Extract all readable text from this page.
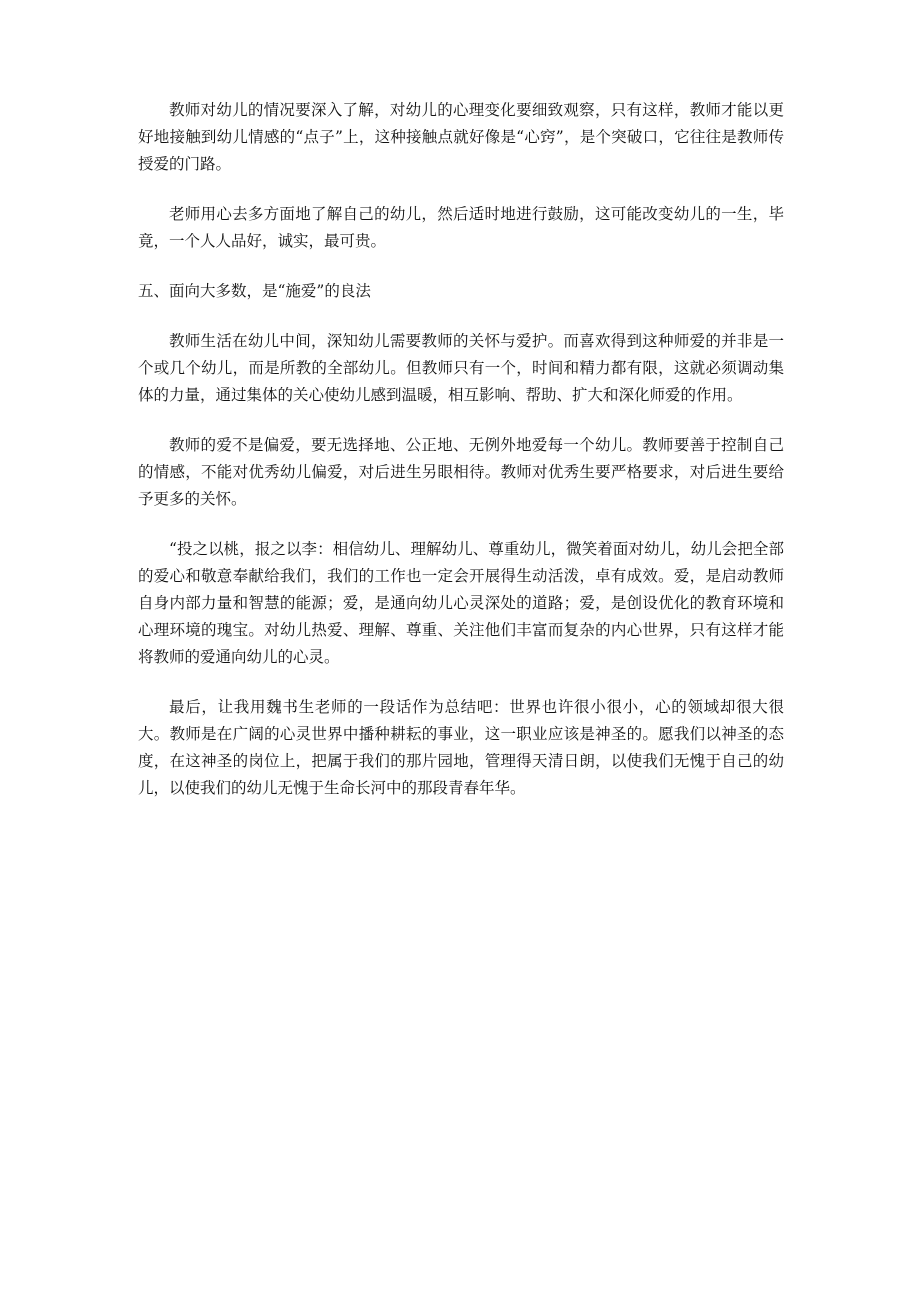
教师对幼儿的情况要深入了解，对幼儿的心理变化要细致观察，只有这样，教师才能以更好地接触到幼儿情感的“点子”上，这种接触点就好像是“心窍”，是个突破口，它往往是教师传授爱的门路。

老师用心去多方面地了解自己的幼儿，然后适时地进行鼓励，这可能改变幼儿的一生，毕竟，一个人人品好，诚实，最可贵。

五、面向大多数，是“施爱”的良法

教师生活在幼儿中间，深知幼儿需要教师的关怀与爱护。而喜欢得到这种师爱的并非是一个或几个幼儿，而是所教的全部幼儿。但教师只有一个，时间和精力都有限，这就必须调动集体的力量，通过集体的关心使幼儿感到温暖，相互影响、帮助、扩大和深化师爱的作用。

教师的爱不是偏爱，要无选择地、公正地、无例外地爱每一个幼儿。教师要善于控制自己的情感，不能对优秀幼儿偏爱，对后进生另眼相待。教师对优秀生要严格要求，对后进生要给予更多的关怀。

“投之以桃，报之以李：相信幼儿、理解幼儿、尊重幼儿，微笑着面对幼儿，幼儿会把全部的爱心和敬意奉献给我们，我们的工作也一定会开展得生动活泼，卓有成效。爱，是启动教师自身内部力量和智慧的能源；爱，是通向幼儿心灵深处的道路；爱，是创设优化的教育环境和心理环境的瑰宝。对幼儿热爱、理解、尊重、关注他们丰富而复杂的内心世界，只有这样才能将教师的爱通向幼儿的心灵。

最后，让我用魏书生老师的一段话作为总结吧：世界也许很小很小，心的领域却很大很大。教师是在广阔的心灵世界中播种耕耘的事业，这一职业应该是神圣的。愿我们以神圣的态度，在这神圣的岗位上，把属于我们的那片园地，管理得天清日朗，以使我们无愧于自己的幼儿，以使我们的幼儿无愧于生命长河中的那段青春年华。
